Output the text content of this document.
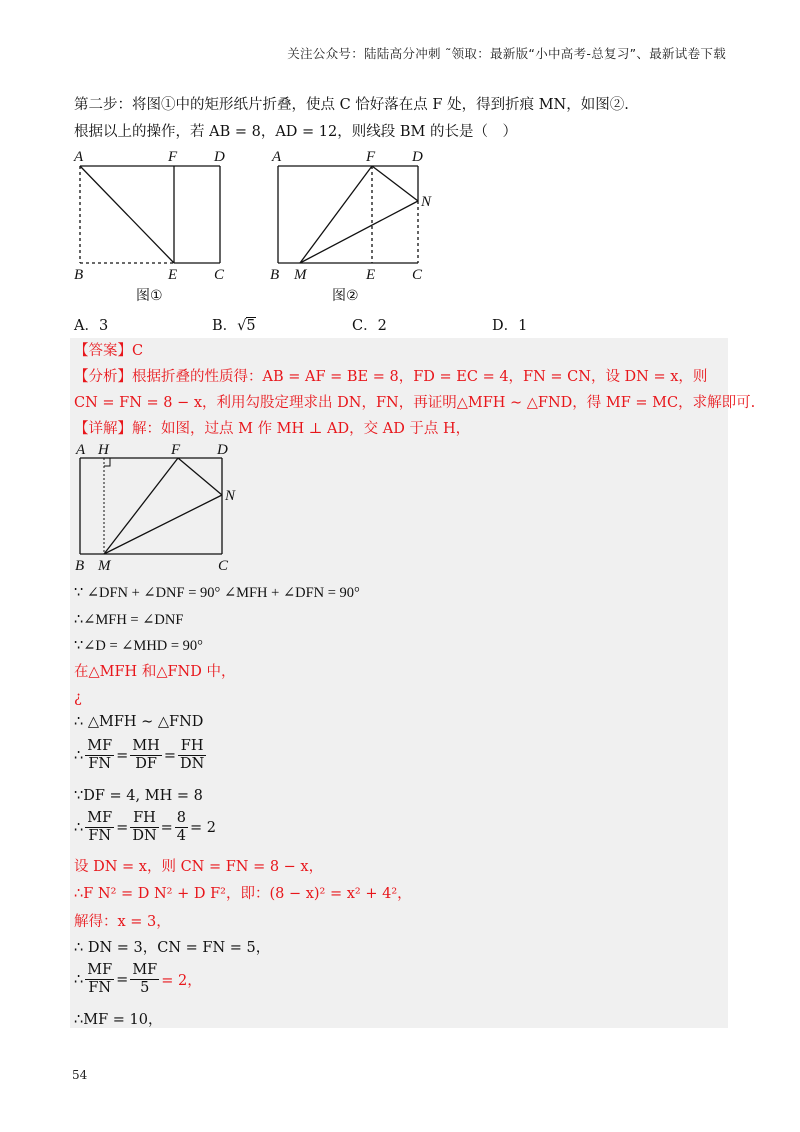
关注公众号：陆陆高分冲刺 ˜领取：最新版“小中高考-总复习”、最新试卷下载
第二步：将图①中的矩形纸片折叠，使点 C 恰好落在点 F 处，得到折痕 MN，如图②.
根据以上的操作，若 AB = 8，AD = 12，则线段 BM 的长是（　）
A	F D
B	E C
图①
A	F D
N
B M	E C
图②
A．3	B．√5	C．2	D．1
【答案】C
【分析】根据折叠的性质得：AB = AF = BE = 8，FD = EC = 4，FN = CN，设 DN = x，则
CN = FN = 8 − x，利用勾股定理求出 DN，FN，再证明△MFH ∼ △FND，得 MF = MC，求解即可.
【详解】解：如图，过点 M 作 MH ⊥ AD，交 AD 于点 H，
A H	F D
N
B M	C
∵ ∠DFN + ∠DNF = 90° ∠MFH + ∠DFN = 90°
∴∠MFH = ∠DNF
∵∠D = ∠MHD = 90°
在△MFH 和△FND 中，
¿
∴ △MFH ∼ △FND
∴ $\frac{MF}{FN} = \frac{MH}{DF} = \frac{FH}{DN}$
∵DF = 4, MH = 8
∴ $\frac{MF}{FN} = \frac{FH}{DN} = \frac{8}{4} = 2$
设 DN = x，则 CN = FN = 8 − x，
∴F N² = D N² + D F²，即：(8 − x)² = x² + 4²，
解得：x = 3，
∴ DN = 3，CN = FN = 5，
∴ $\frac{MF}{FN} = \frac{MF}{5} = 2$，
∴MF = 10，
54
